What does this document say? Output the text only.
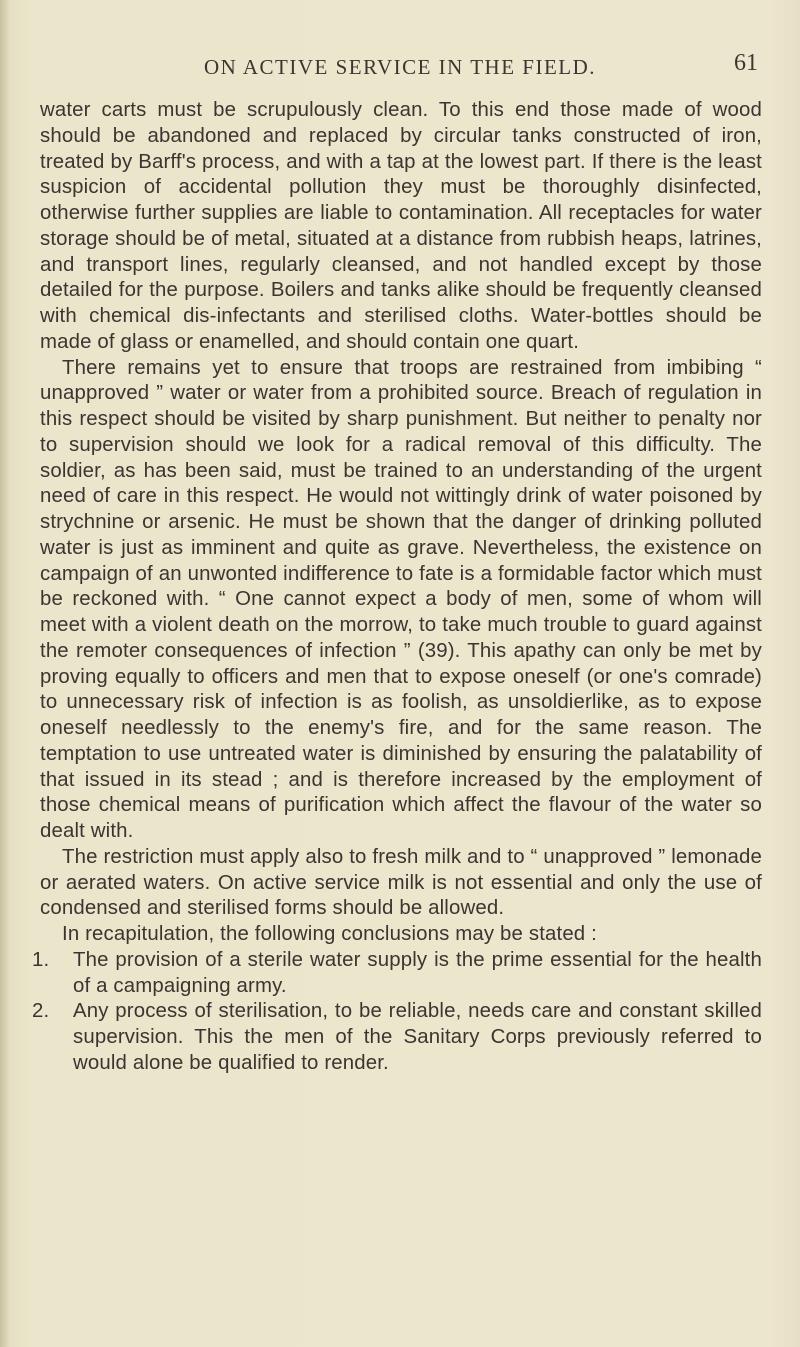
ON ACTIVE SERVICE IN THE FIELD.	61

water carts must be scrupulously clean. To this end those made of wood should be abandoned and replaced by circular tanks constructed of iron, treated by Barff's process, and with a tap at the lowest part. If there is the least suspicion of accidental pollution they must be thoroughly disinfected, otherwise further supplies are liable to contamination. All receptacles for water storage should be of metal, situated at a distance from rubbish heaps, latrines, and transport lines, regularly cleansed, and not handled except by those detailed for the purpose. Boilers and tanks alike should be frequently cleansed with chemical dis-infectants and sterilised cloths. Water-bottles should be made of glass or enamelled, and should contain one quart.

There remains yet to ensure that troops are restrained from imbibing “ unapproved ” water or water from a prohibited source. Breach of regulation in this respect should be visited by sharp punishment. But neither to penalty nor to supervision should we look for a radical removal of this difficulty. The soldier, as has been said, must be trained to an understanding of the urgent need of care in this respect. He would not wittingly drink of water poisoned by strychnine or arsenic. He must be shown that the danger of drinking polluted water is just as imminent and quite as grave. Nevertheless, the existence on campaign of an unwonted indifference to fate is a formidable factor which must be reckoned with. “ One cannot expect a body of men, some of whom will meet with a violent death on the morrow, to take much trouble to guard against the remoter consequences of infection ” (39). This apathy can only be met by proving equally to officers and men that to expose oneself (or one's comrade) to unnecessary risk of infection is as foolish, as unsoldierlike, as to expose oneself needlessly to the enemy's fire, and for the same reason. The temptation to use untreated water is diminished by ensuring the palatability of that issued in its stead ; and is therefore increased by the employment of those chemical means of purification which affect the flavour of the water so dealt with.

The restriction must apply also to fresh milk and to “ unapproved ” lemonade or aerated waters. On active service milk is not essential and only the use of condensed and sterilised forms should be allowed.

In recapitulation, the following conclusions may be stated :

1. The provision of a sterile water supply is the prime essential for the health of a campaigning army.
2. Any process of sterilisation, to be reliable, needs care and constant skilled supervision. This the men of the Sanitary Corps previously referred to would alone be qualified to render.
